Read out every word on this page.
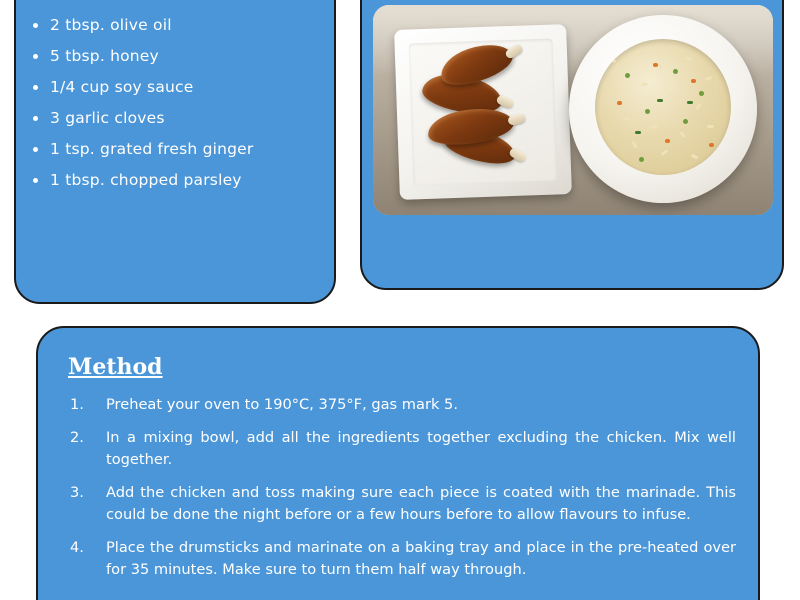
2 tbsp. olive oil
5 tbsp. honey
1/4 cup soy sauce
3 garlic cloves
1 tsp. grated fresh ginger
1 tbsp. chopped parsley
Method
1.	Preheat your oven to 190°C, 375°F, gas mark 5.
2.	In a mixing bowl, add all the ingredients together excluding the chicken. Mix well together.
3.	Add the chicken and toss making sure each piece is coated with the marinade. This could be done the night before or a few hours before to allow flavours to infuse.
4.	Place the drumsticks and marinate on a baking tray and place in the pre-heated over for 35 minutes. Make sure to turn them half way through.
